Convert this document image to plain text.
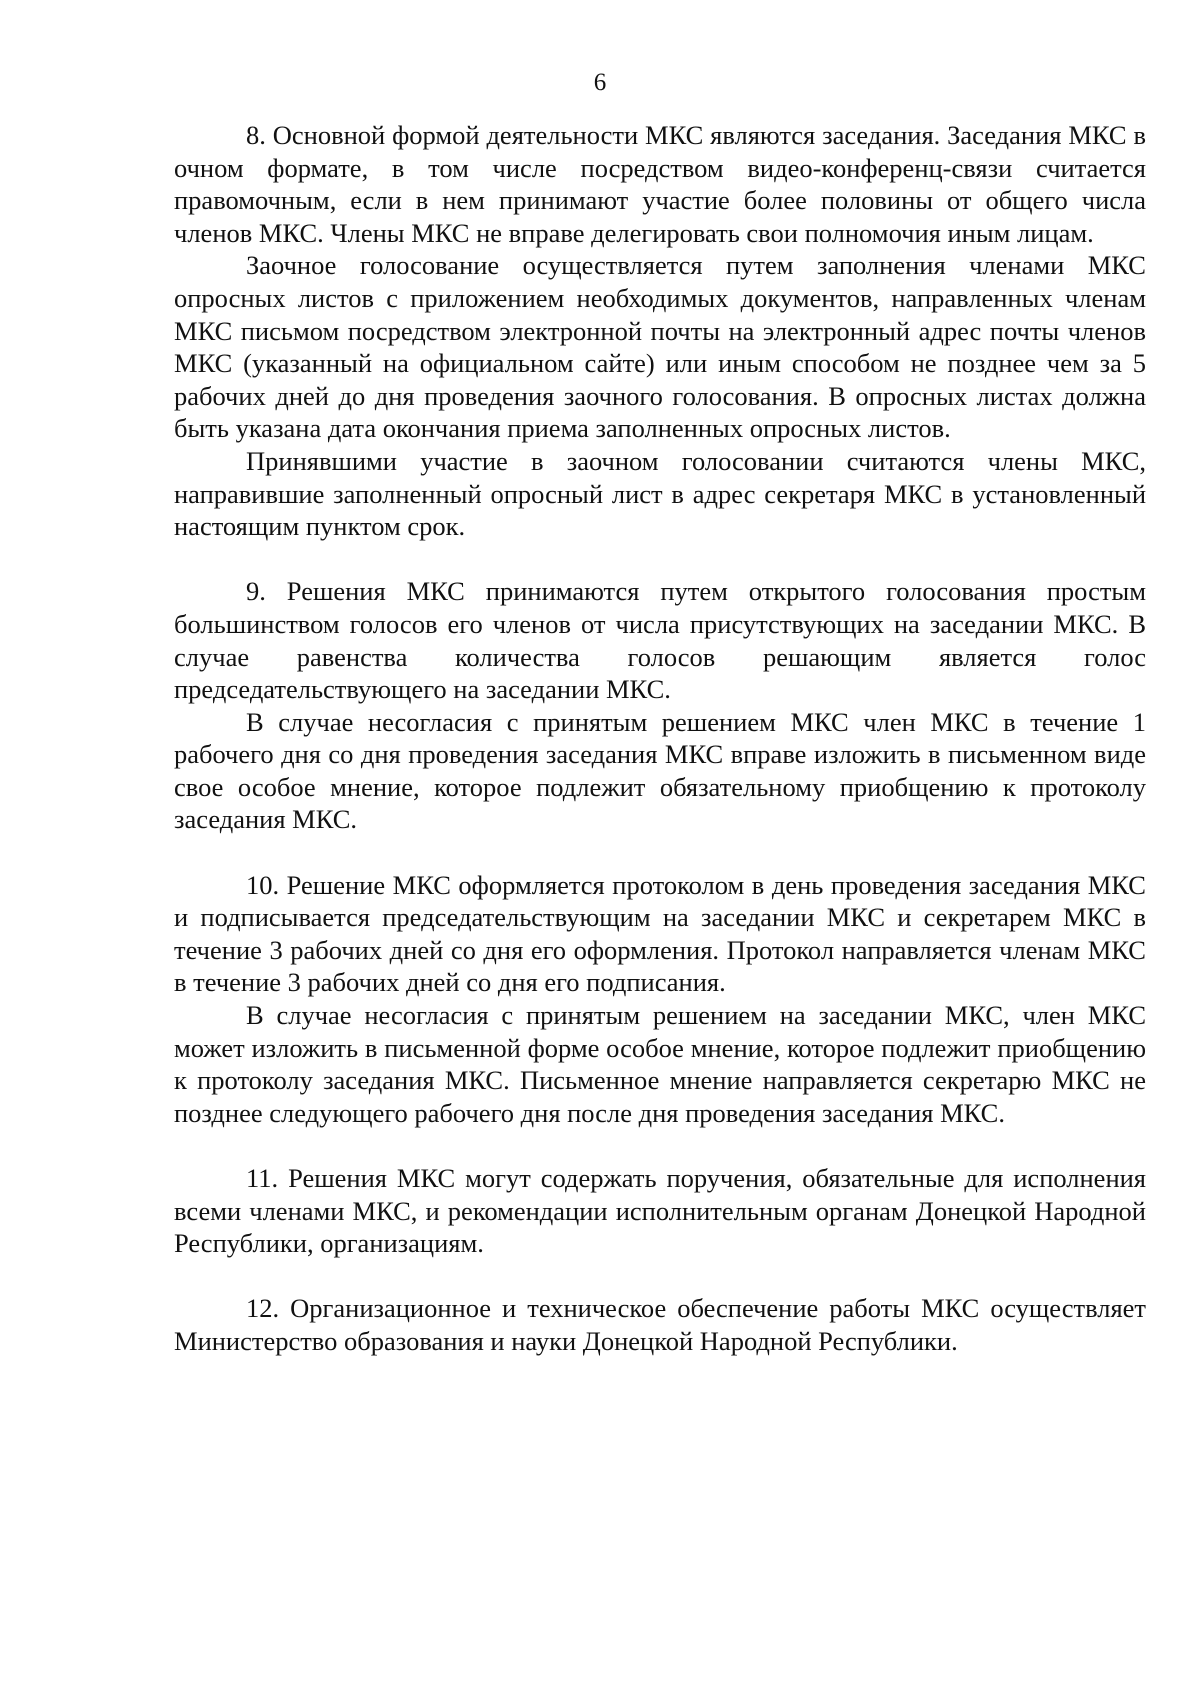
6

8. Основной формой деятельности МКС являются заседания. Заседания МКС в очном формате, в том числе посредством видео-конференц-связи считается правомочным, если в нем принимают участие более половины от общего числа членов МКС. Члены МКС не вправе делегировать свои полномочия иным лицам.

Заочное голосование осуществляется путем заполнения членами МКС опросных листов с приложением необходимых документов, направленных членам МКС письмом посредством электронной почты на электронный адрес почты членов МКС (указанный на официальном сайте) или иным способом не позднее чем за 5 рабочих дней до дня проведения заочного голосования. В опросных листах должна быть указана дата окончания приема заполненных опросных листов.

Принявшими участие в заочном голосовании считаются члены МКС, направившие заполненный опросный лист в адрес секретаря МКС в установленный настоящим пунктом срок.

9. Решения МКС принимаются путем открытого голосования простым большинством голосов его членов от числа присутствующих на заседании МКС. В случае равенства количества голосов решающим является голос председательствующего на заседании МКС.

В случае несогласия с принятым решением МКС член МКС в течение 1 рабочего дня со дня проведения заседания МКС вправе изложить в письменном виде свое особое мнение, которое подлежит обязательному приобщению к протоколу заседания МКС.

10. Решение МКС оформляется протоколом в день проведения заседания МКС и подписывается председательствующим на заседании МКС и секретарем МКС в течение 3 рабочих дней со дня его оформления. Протокол направляется членам МКС в течение 3 рабочих дней со дня его подписания.

В случае несогласия с принятым решением на заседании МКС, член МКС может изложить в письменной форме особое мнение, которое подлежит приобщению к протоколу заседания МКС. Письменное мнение направляется секретарю МКС не позднее следующего рабочего дня после дня проведения заседания МКС.

11. Решения МКС могут содержать поручения, обязательные для исполнения всеми членами МКС, и рекомендации исполнительным органам Донецкой Народной Республики, организациям.

12. Организационное и техническое обеспечение работы МКС осуществляет Министерство образования и науки Донецкой Народной Республики.
